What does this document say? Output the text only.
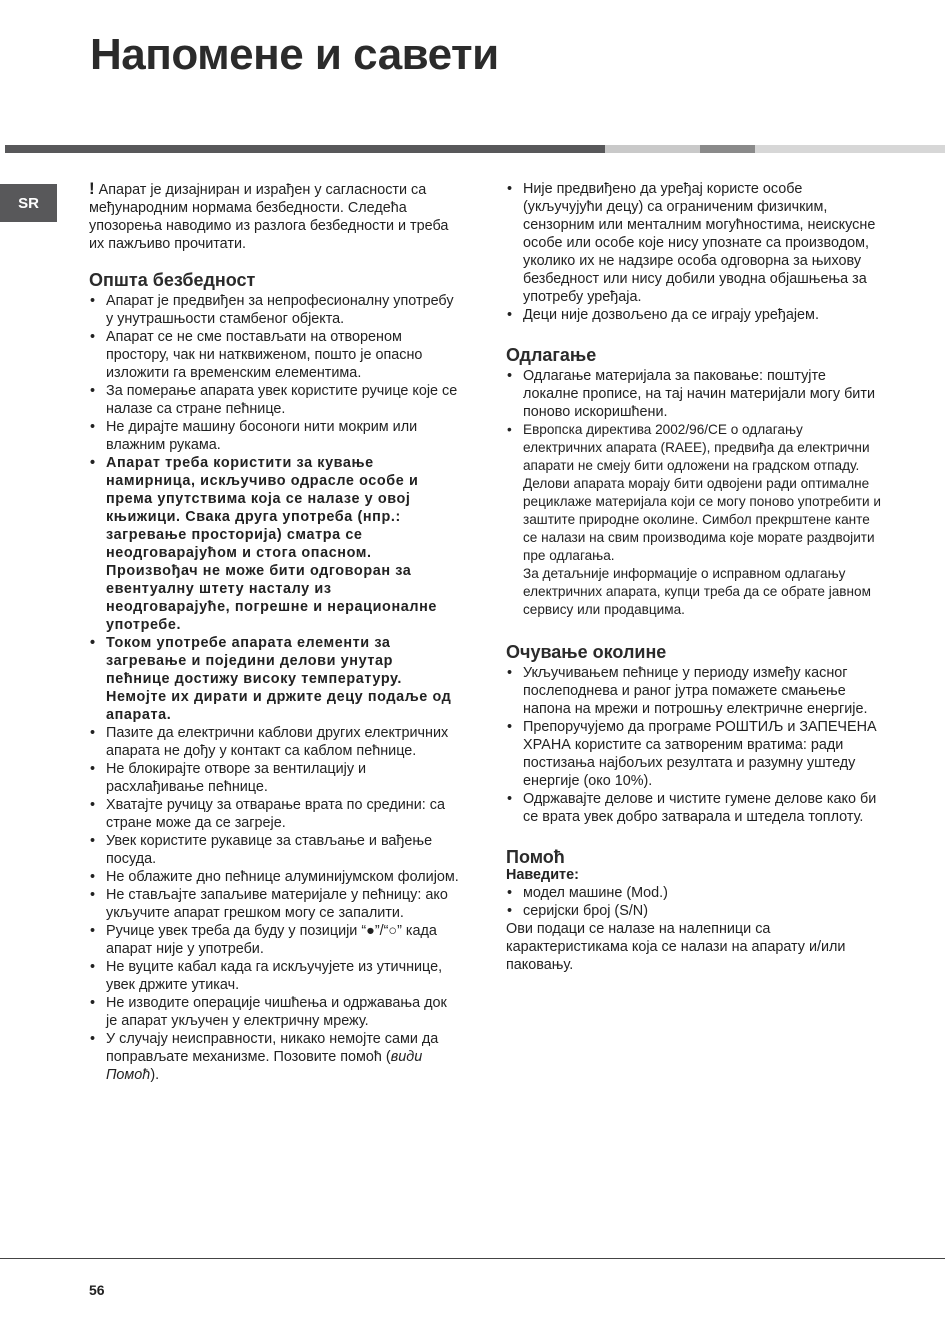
Напомене и савети
SR

! Апарат је дизајниран и израђен у сагласности са међународним нормама безбедности. Следећа упозорења наводимо из разлога безбедности и треба их пажљиво прочитати.

Општа безбедност
• Апарат је предвиђен за непрофесионалну употребу у унутрашњости стамбеног објекта.
• Апарат се не сме постављати на отвореном простору, чак ни натквиженом, пошто је опасно изложити га временским елементима.
• За померање апарата увек користите ручице које се налазе са стране пећнице.
• Не дирајте машину босоноги нити мокрим или влажним рукама.
• Апарат треба користити за кување намирница, искључиво одрасле особе и према упутствима која се налазе у овој књижици. Свака друга употреба (нпр.: загревање просторија) сматра се неодговарајућом и стога опасном. Произвођач не може бити одговоран за евентуалну штету насталу из неодговарајуће, погрешне и нерационалне употребе.
• Током употребе апарата елементи за загревање и поједини делови унутар пећнице достижу високу температуру. Немојте их дирати и држите децу подаље од апарата.
• Пазите да електрични каблови других електричних апарата не дођу у контакт са каблом пећнице.
• Не блокирајте отворе за вентилацију и расхлађивање пећнице.
• Хватајте ручицу за отварање врата по средини: са стране може да се загреје.
• Увек користите рукавице за стављање и вађење посуда.
• Не облажите дно пећнице алуминијумском фолијом.
• Не стављајте запаљиве материјале у пећницу: ако укључите апарат грешком могу се запалити.
• Ручице увек треба да буду у позицији “●”/“○” када апарат није у употреби.
• Не вуците кабал када га искључујете из утичнице, увек држите утикач.
• Не изводите операције чишћења и одржавања док је апарат укључен у електричну мрежу.
• У случају неисправности, никако немојте сами да поправљате механизме. Позовите помоћ (види Помоћ).
• Није предвиђено да уређај користе особе (укључујући децу) са ограниченим физичким, сензорним или менталним могућностима, неискусне особе или особе које нису упознате са производом, уколико их не надзире особа одговорна за њихову безбедност или нису добили уводна објашњења за употребу уређаја.
• Деци није дозвољено да се играју уређајем.
Одлагање
• Одлагање материјала за паковање: поштујте локалне прописе, на тај начин материјали могу бити поново искоришћени.
• Европска директива 2002/96/CE о одлагању електричних апарата (RAEE), предвиђа да електрични апарати не смеју бити одложени на градском отпаду. Делови апарата морају бити одвојени ради оптималне рециклаже материјала који се могу поново употребити и заштите природне околине. Симбол прекрштене канте се налази на свим производима које морате раздвојити пре одлагања.

За детаљније информације о исправном одлагању електричних апарата, купци треба да се обрате јавном сервису или продавцима.

Очување околине
• Укључивањем пећнице у периоду између касног послеподнева и раног јутра помажете смањење напона на мрежи и потрошњу електричне енергије.
• Препоручујемо да програме РОШТИЉ и ЗАПЕЧЕНА ХРАНА користите са затвореним вратима: ради постизања најбољих резултата и разумну уштеду енергије (око 10%).
• Одржавајте делове и чистите гумене делове како би се врата увек добро затварала и штедела топлоту.
Помоћ

Наведите:

• модел машине (Mod.)
• серијски број (S/N)

Ови подаци се налазе на налепници са карактеристикама која се налази на апарату и/или паковању.

56
